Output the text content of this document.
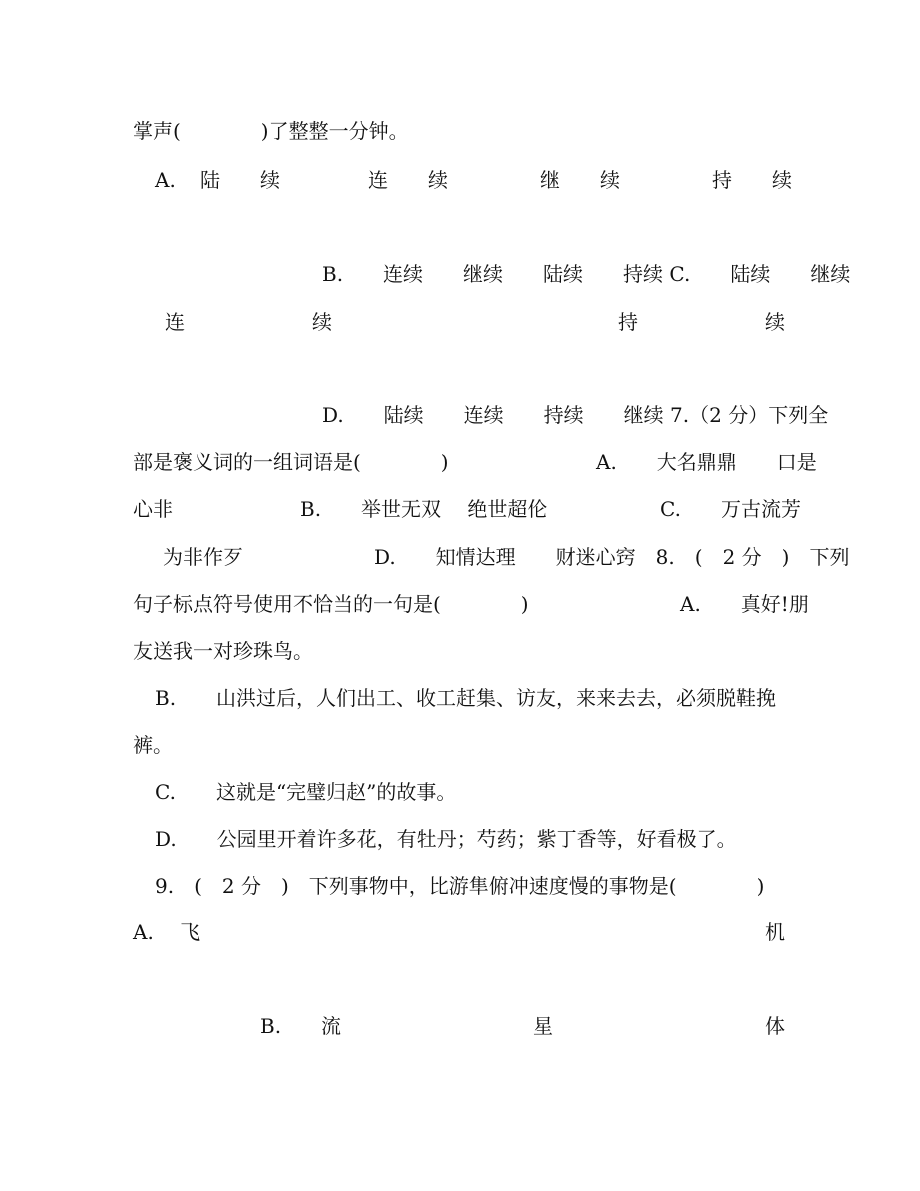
掌声(　　　　)了整整一分钟。
A. 陆　　续	连　　续	继　　续	持　　续
B.　　连续　　继续　　陆续　　持续 C.　　陆续　　继续
连	续	持	续
D.　　陆续　　连续　　持续　　继续 7.（2 分）下列全
部是褒义词的一组词语是(　　　　)	A.　　大名鼎鼎　　口是
心非	B.　　举世无双　 绝世超伦	C.　　万古流芳
为非作歹	D.　　知情达理　　财迷心窍　8.　(　2 分　)　下列
句子标点符号使用不恰当的一句是(　　　　)	A.　　真好!朋
友送我一对珍珠鸟。
B.　　山洪过后，人们出工、收工赶集、访友，来来去去，必须脱鞋挽
裤。
C.　　这就是“完璧归赵”的故事。
D.　　公园里开着许多花，有牡丹；芍药；紫丁香等，好看极了。
9.　(　2 分　)　下列事物中，比游隼俯冲速度慢的事物是(　　　　)
A.　 飞	机
B.　　流	星	体
